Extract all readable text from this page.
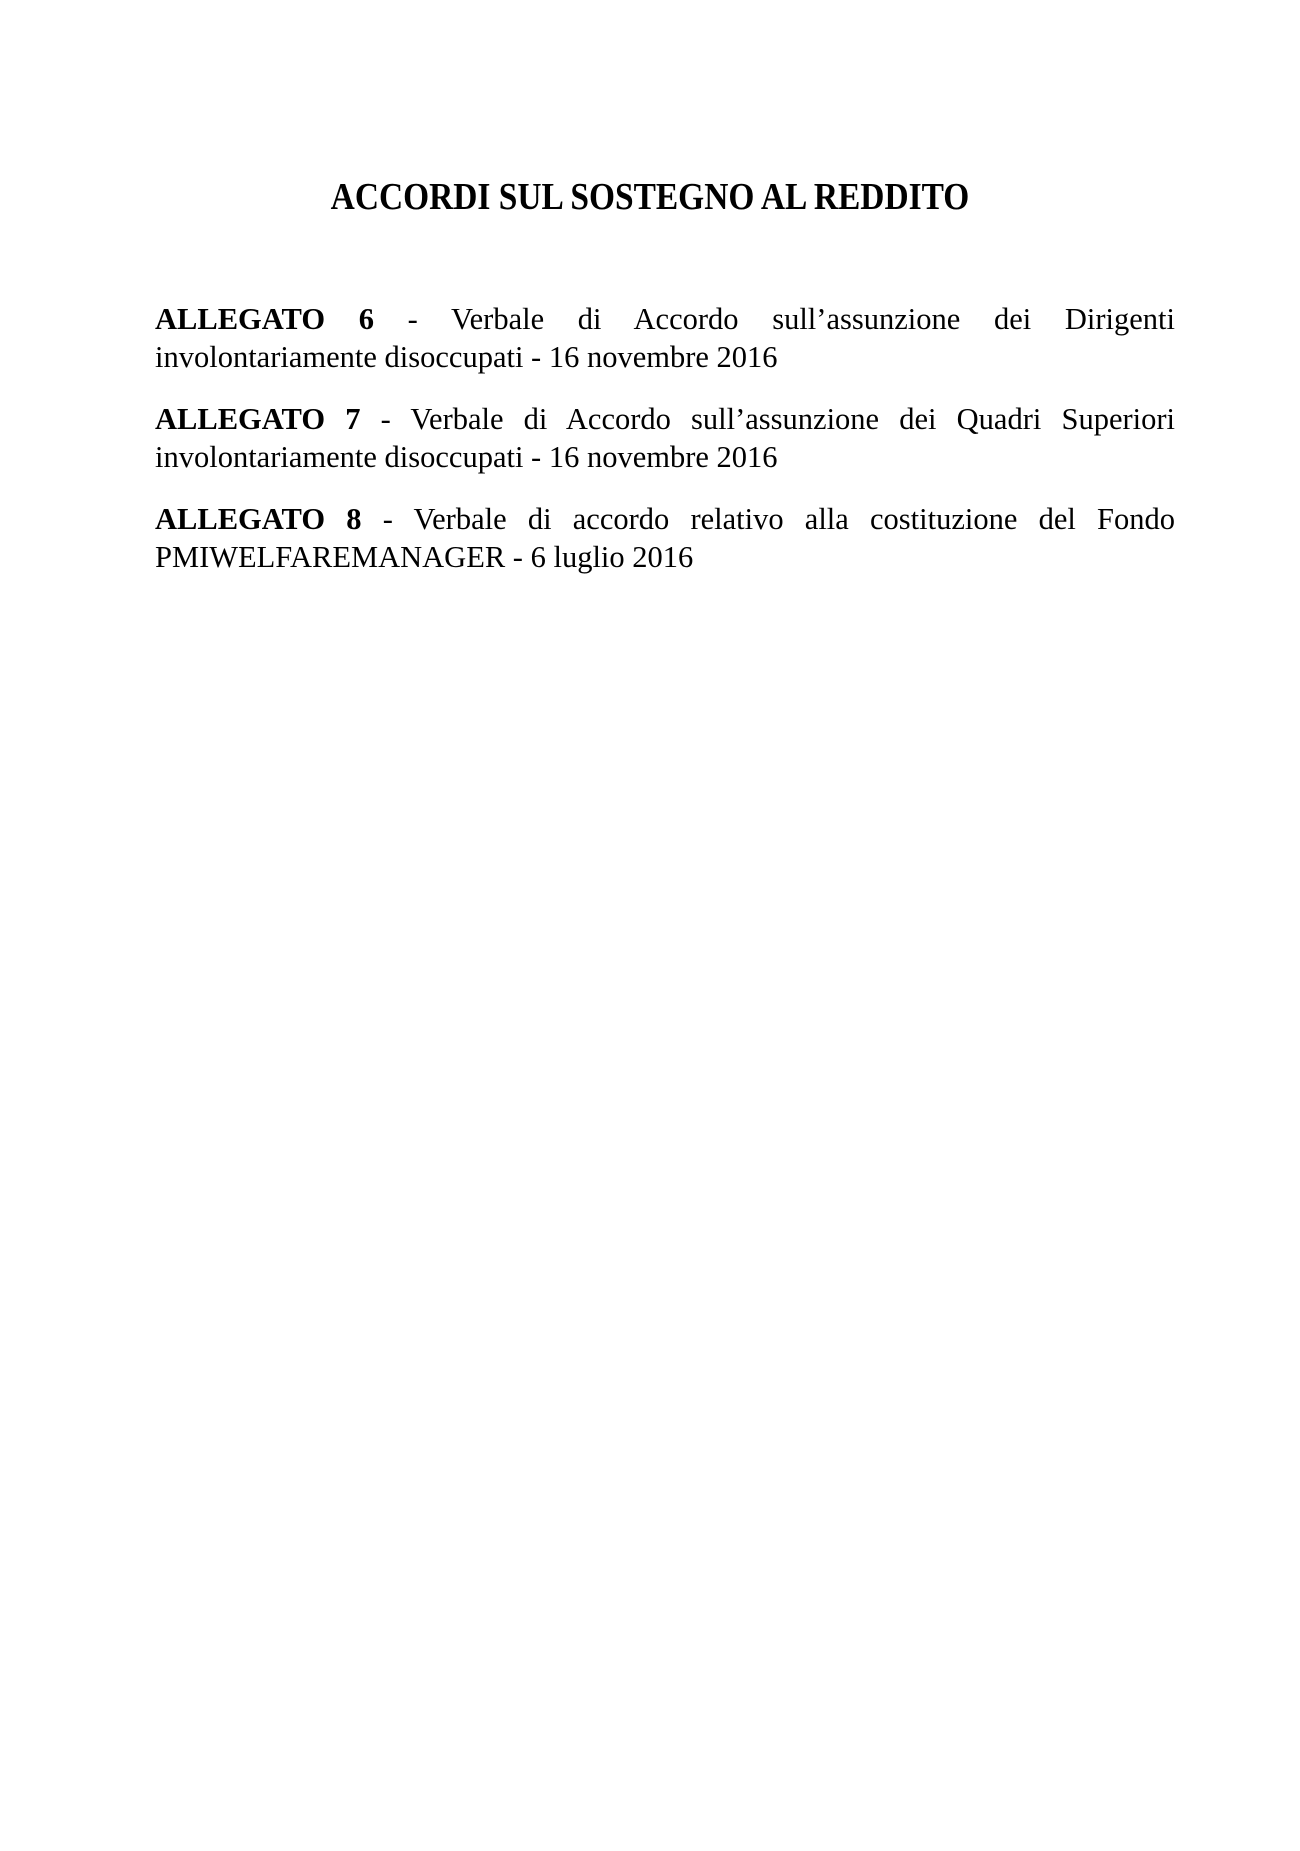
ACCORDI SUL SOSTEGNO AL REDDITO

ALLEGATO 6 - Verbale di Accordo sull’assunzione dei Dirigenti involontariamente disoccupati - 16 novembre 2016

ALLEGATO 7 - Verbale di Accordo sull’assunzione dei Quadri Superiori involontariamente disoccupati - 16 novembre 2016

ALLEGATO 8 - Verbale di accordo relativo alla costituzione del Fondo PMIWELFAREMANAGER - 6 luglio 2016
